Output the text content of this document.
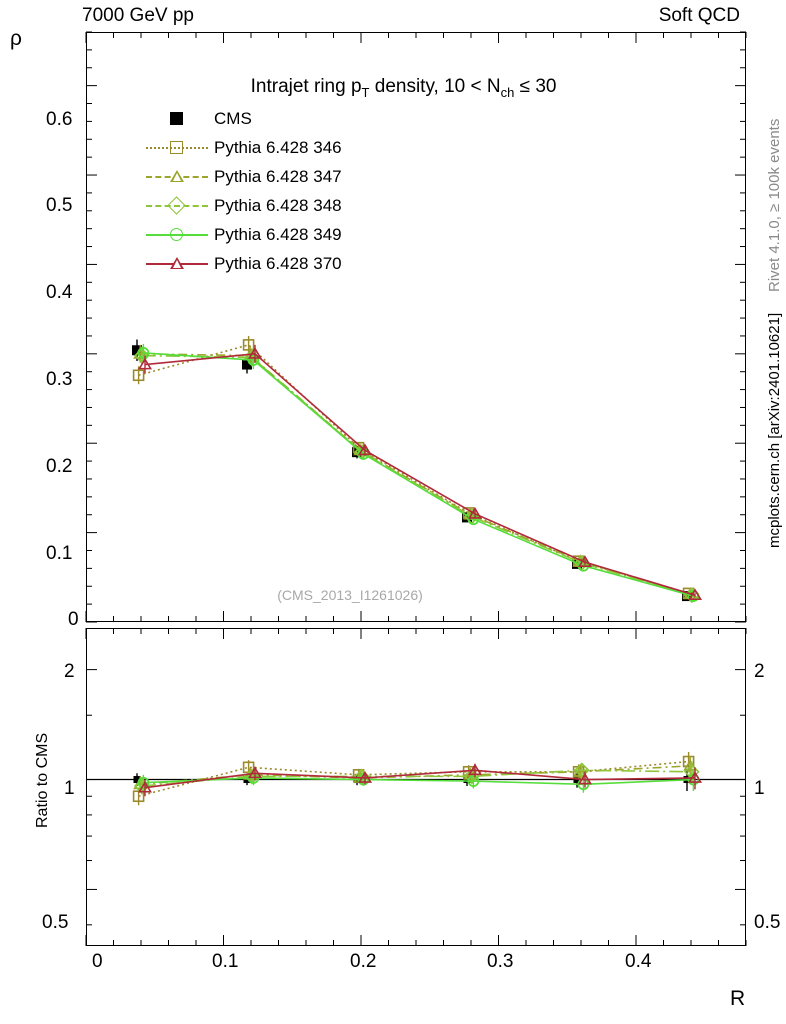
7000 GeV pp	Soft QCD
ρ
R
Rivet 4.1.0, ≥ 100k events
mcplots.cern.ch [arXiv:2401.10621]

Intrajet ring $p_T$ density, $10 < N_{ch} \le 30$

(CMS_2013_I1261026)
Ratio to CMS
CMS
Pythia 6.428 346
Pythia 6.428 347
Pythia 6.428 348
Pythia 6.428 349
Pythia 6.428 370
0.6
0.5
0.4
0.3
0.2
0.1
0
2
1
0.5
2
1
0.5
0	0.1	0.2	0.3	0.4
